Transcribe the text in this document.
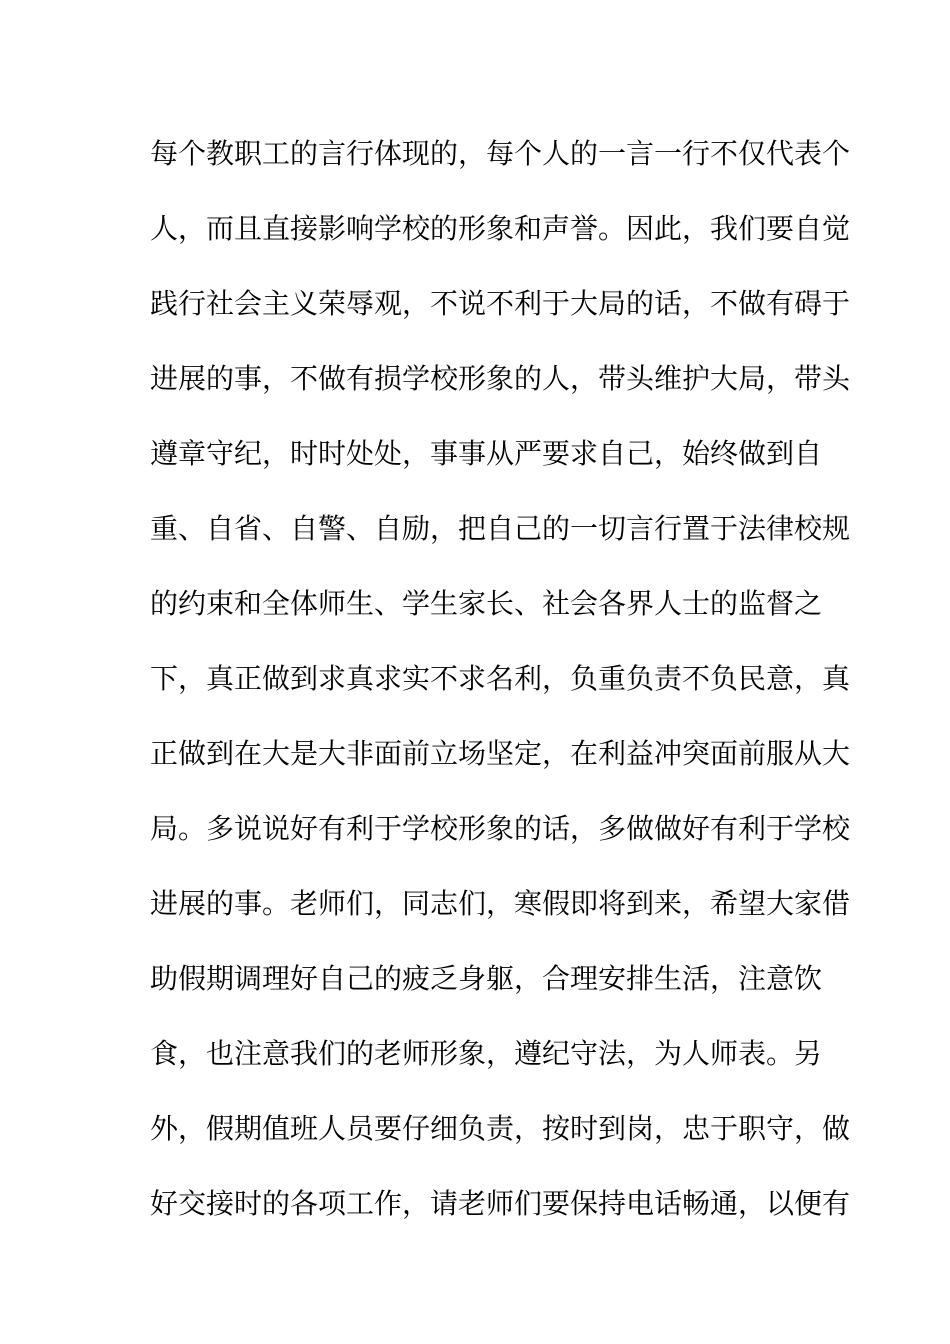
每个教职工的言行体现的，每个人的一言一行不仅代表个
人，而且直接影响学校的形象和声誉。因此，我们要自觉
践行社会主义荣辱观，不说不利于大局的话，不做有碍于
进展的事，不做有损学校形象的人，带头维护大局，带头
遵章守纪，时时处处，事事从严要求自己，始终做到自
重、自省、自警、自励，把自己的一切言行置于法律校规
的约束和全体师生、学生家长、社会各界人士的监督之
下，真正做到求真求实不求名利，负重负责不负民意，真
正做到在大是大非面前立场坚定，在利益冲突面前服从大
局。多说说好有利于学校形象的话，多做做好有利于学校
进展的事。老师们，同志们，寒假即将到来，希望大家借
助假期调理好自己的疲乏身躯，合理安排生活，注意饮
食，也注意我们的老师形象，遵纪守法，为人师表。另
外，假期值班人员要仔细负责，按时到岗，忠于职守，做
好交接时的各项工作，请老师们要保持电话畅通，以便有
